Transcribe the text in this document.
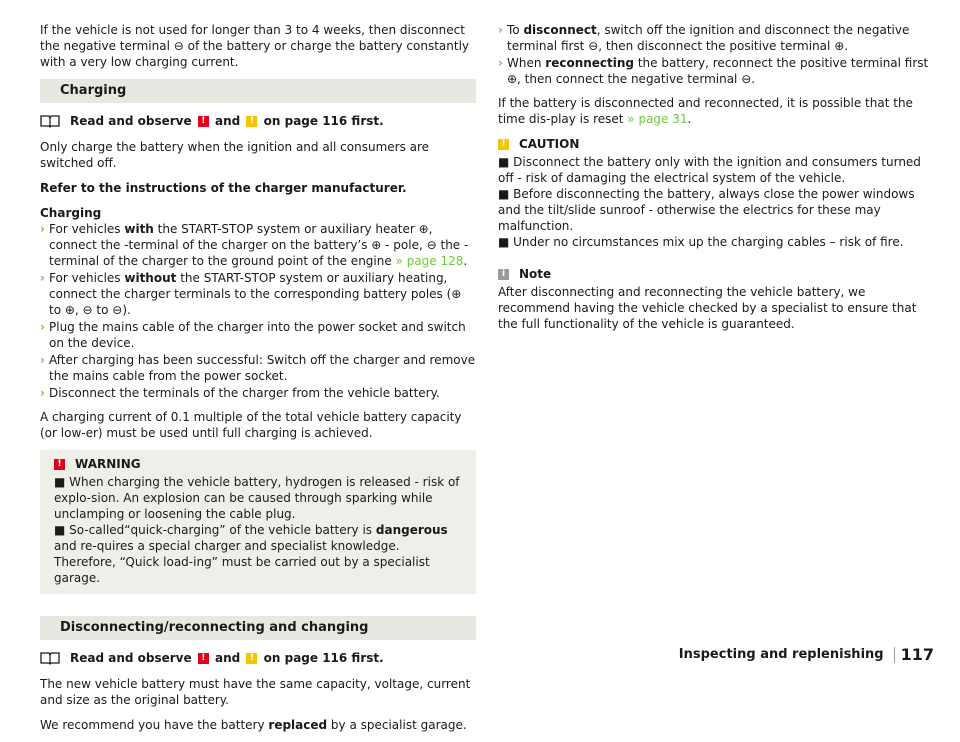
If the vehicle is not used for longer than 3 to 4 weeks, then disconnect the negative terminal ⊖ of the battery or charge the battery constantly with a very low charging current.

Charging
Read and observe
	!
and
	!
on page 116 first.

Only charge the battery when the ignition and all consumers are switched off.

Refer to the instructions of the charger manufacturer.

Charging
› For vehicles with the START-STOP system or auxiliary heater ⊕, connect the -terminal of the charger on the battery’s ⊕ - pole, ⊖ the - terminal of the charger to the ground point of the engine » page 128.
› For vehicles without the START-STOP system or auxiliary heating, connect the charger terminals to the corresponding battery poles (⊕ to ⊕, ⊖ to ⊖).
› Plug the mains cable of the charger into the power socket and switch on the device.
› After charging has been successful: Switch off the charger and remove the mains cable from the power socket.
› Disconnect the terminals of the charger from the vehicle battery.

A charging current of 0.1 multiple of the total vehicle battery capacity (or low-er) must be used until full charging is achieved.

! WARNING

■ When charging the vehicle battery, hydrogen is released - risk of explo-sion. An explosion can be caused through sparking while unclamping or loosening the cable plug.

■ So-called“quick-charging” of the vehicle battery is dangerous and re-quires a special charger and specialist knowledge. Therefore, “Quick load-ing” must be carried out by a specialist garage.

Disconnecting/reconnecting and changing
Read and observe
	!
and
	!
on page 116 first.

The new vehicle battery must have the same capacity, voltage, current and size as the original battery.

We recommend you have the battery replaced by a specialist garage.

› To disconnect, switch off the ignition and disconnect the negative terminal first ⊖, then disconnect the positive terminal ⊕.
› When reconnecting the battery, reconnect the positive terminal first ⊕, then connect the negative terminal ⊖.

If the battery is disconnected and reconnected, it is possible that the time dis-play is reset » page 31.

! CAUTION

■ Disconnect the battery only with the ignition and consumers turned off - risk of damaging the electrical system of the vehicle.

■ Before disconnecting the battery, always close the power windows and the tilt/slide sunroof - otherwise the electrics for these may malfunction.

■ Under no circumstances mix up the charging cables – risk of fire.

i	Note

After disconnecting and reconnecting the vehicle battery, we recommend having the vehicle checked by a specialist to ensure that the full functionality of the vehicle is guaranteed.

Inspecting and replenishing	117
